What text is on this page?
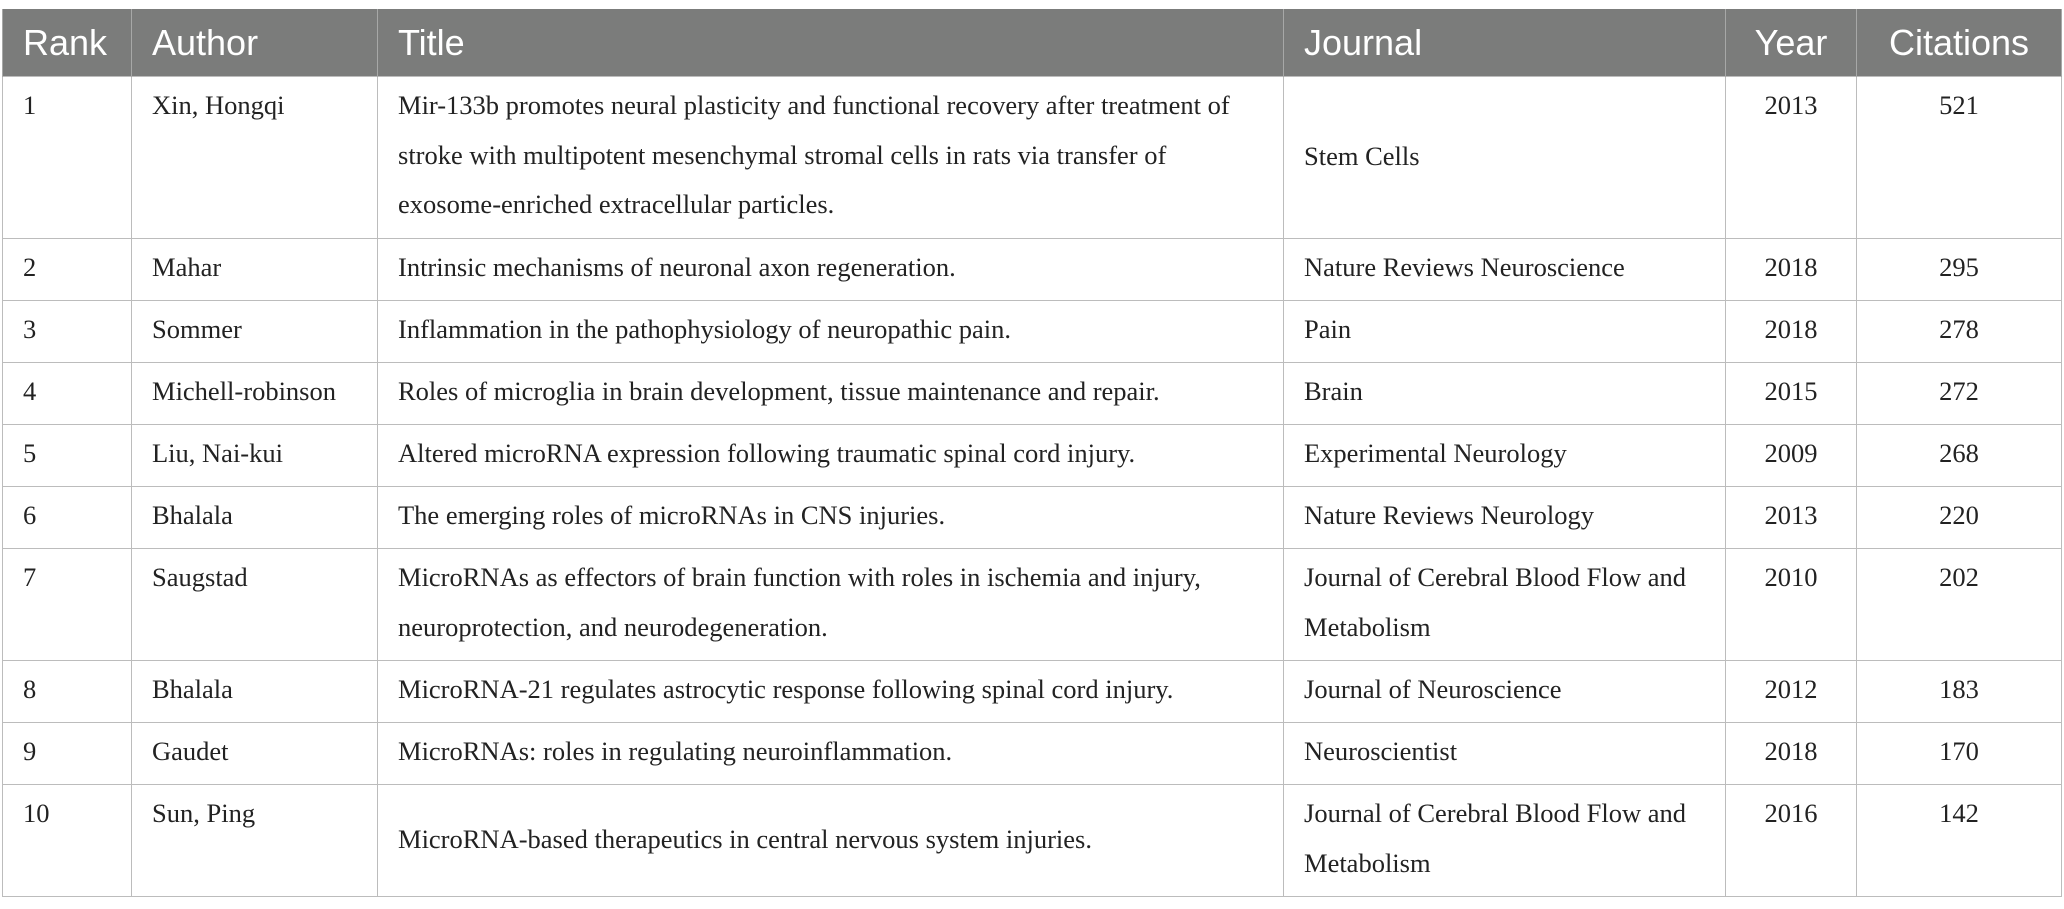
Rank	Author	Title	Journal	Year	Citations
1	Xin, Hongqi	Mir-133b promotes neural plasticity and functional recovery after treatment of stroke with multipotent mesenchymal stromal cells in rats via transfer of exosome-enriched extracellular particles.	Stem Cells	2013	521
2	Mahar	Intrinsic mechanisms of neuronal axon regeneration.	Nature Reviews Neuroscience	2018	295
3	Sommer	Inflammation in the pathophysiology of neuropathic pain.	Pain	2018	278
4	Michell-robinson	Roles of microglia in brain development, tissue maintenance and repair.	Brain	2015	272
5	Liu, Nai-kui	Altered microRNA expression following traumatic spinal cord injury.	Experimental Neurology	2009	268
6	Bhalala	The emerging roles of microRNAs in CNS injuries.	Nature Reviews Neurology	2013	220
7	Saugstad	MicroRNAs as effectors of brain function with roles in ischemia and injury, neuroprotection, and neurodegeneration.	Journal of Cerebral Blood Flow and Metabolism	2010	202
8	Bhalala	MicroRNA-21 regulates astrocytic response following spinal cord injury.	Journal of Neuroscience	2012	183
9	Gaudet	MicroRNAs: roles in regulating neuroinflammation.	Neuroscientist	2018	170
10	Sun, Ping	MicroRNA-based therapeutics in central nervous system injuries.	Journal of Cerebral Blood Flow and Metabolism	2016	142
